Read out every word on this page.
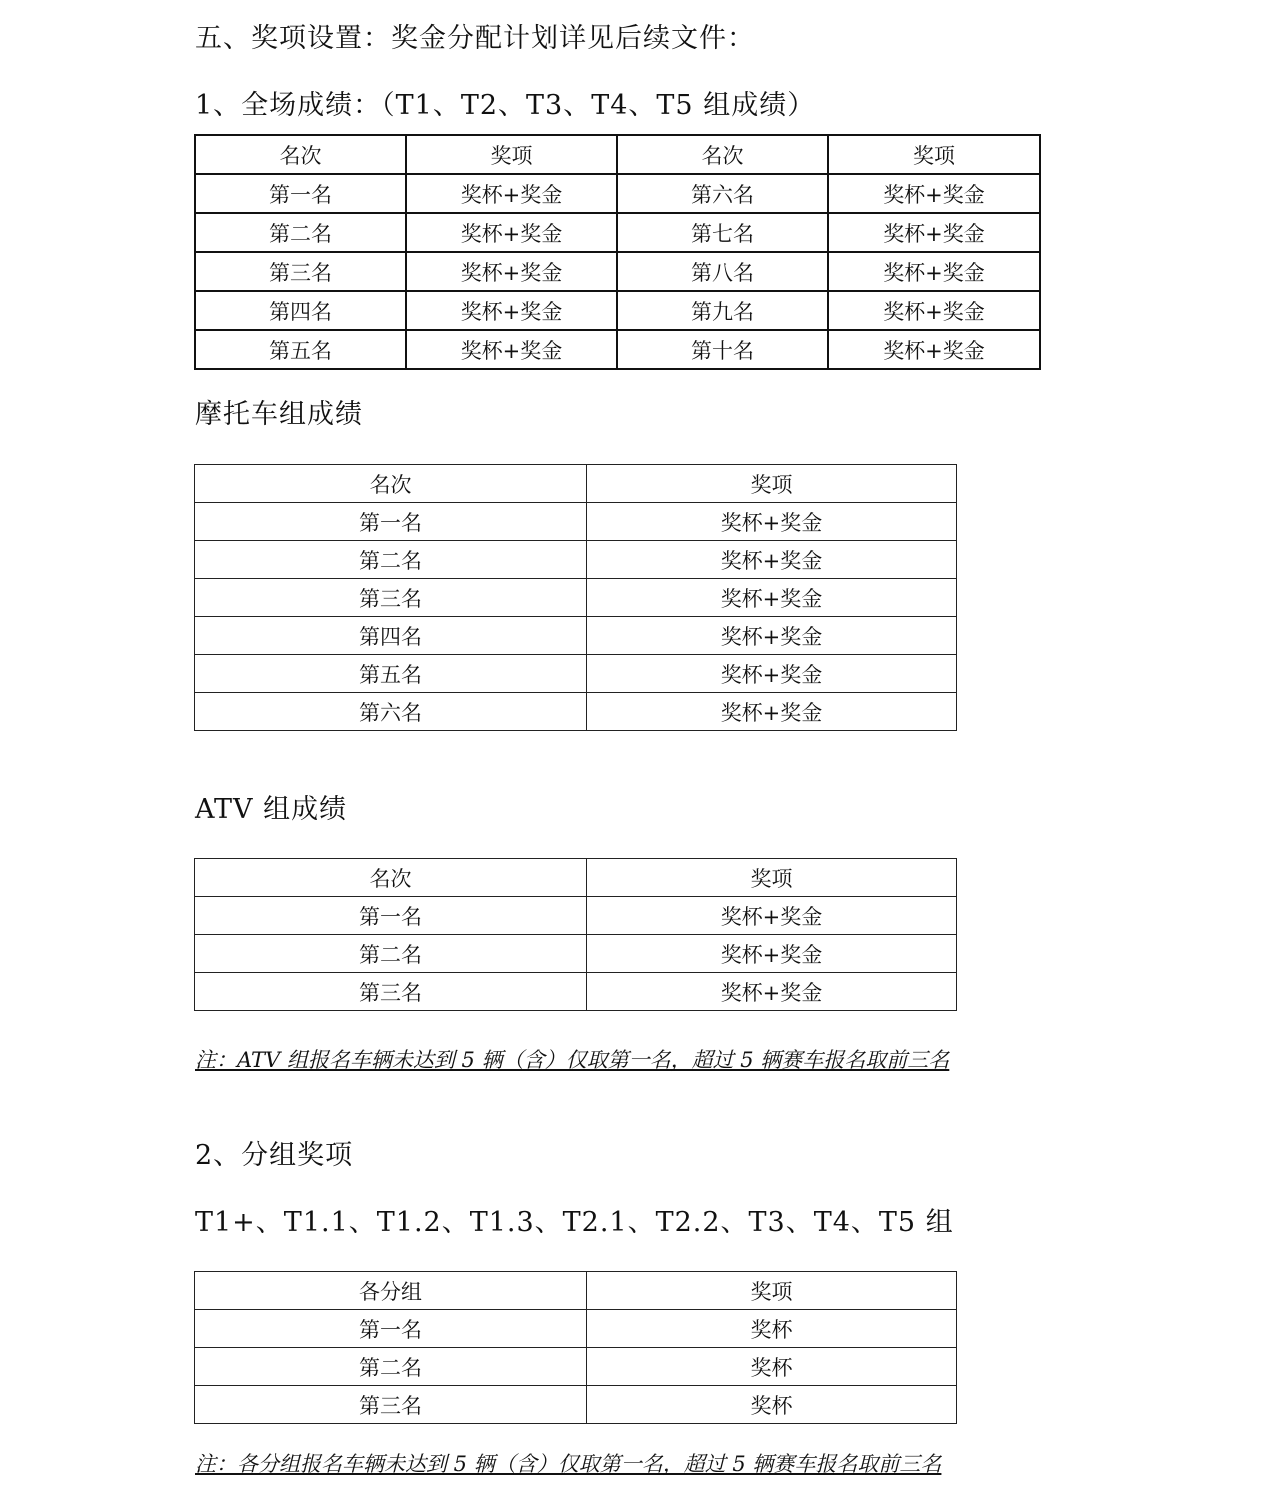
五、奖项设置：奖金分配计划详见后续文件：
1、全场成绩：（T1、T2、T3、T4、T5 组成绩）
名次	奖项	名次	奖项
第一名	奖杯+奖金	第六名	奖杯+奖金
第二名	奖杯+奖金	第七名	奖杯+奖金
第三名	奖杯+奖金	第八名	奖杯+奖金
第四名	奖杯+奖金	第九名	奖杯+奖金
第五名	奖杯+奖金	第十名	奖杯+奖金
摩托车组成绩
名次	奖项
第一名	奖杯+奖金
第二名	奖杯+奖金
第三名	奖杯+奖金
第四名	奖杯+奖金
第五名	奖杯+奖金
第六名	奖杯+奖金
ATV 组成绩
名次	奖项
第一名	奖杯+奖金
第二名	奖杯+奖金
第三名	奖杯+奖金
注：ATV 组报名车辆未达到 5 辆（含）仅取第一名，超过 5 辆赛车报名取前三名
2、分组奖项
T1+、T1.1、T1.2、T1.3、T2.1、T2.2、T3、T4、T5 组
各分组	奖项
第一名	奖杯
第二名	奖杯
第三名	奖杯
注：各分组报名车辆未达到 5 辆（含）仅取第一名，超过 5 辆赛车报名取前三名
